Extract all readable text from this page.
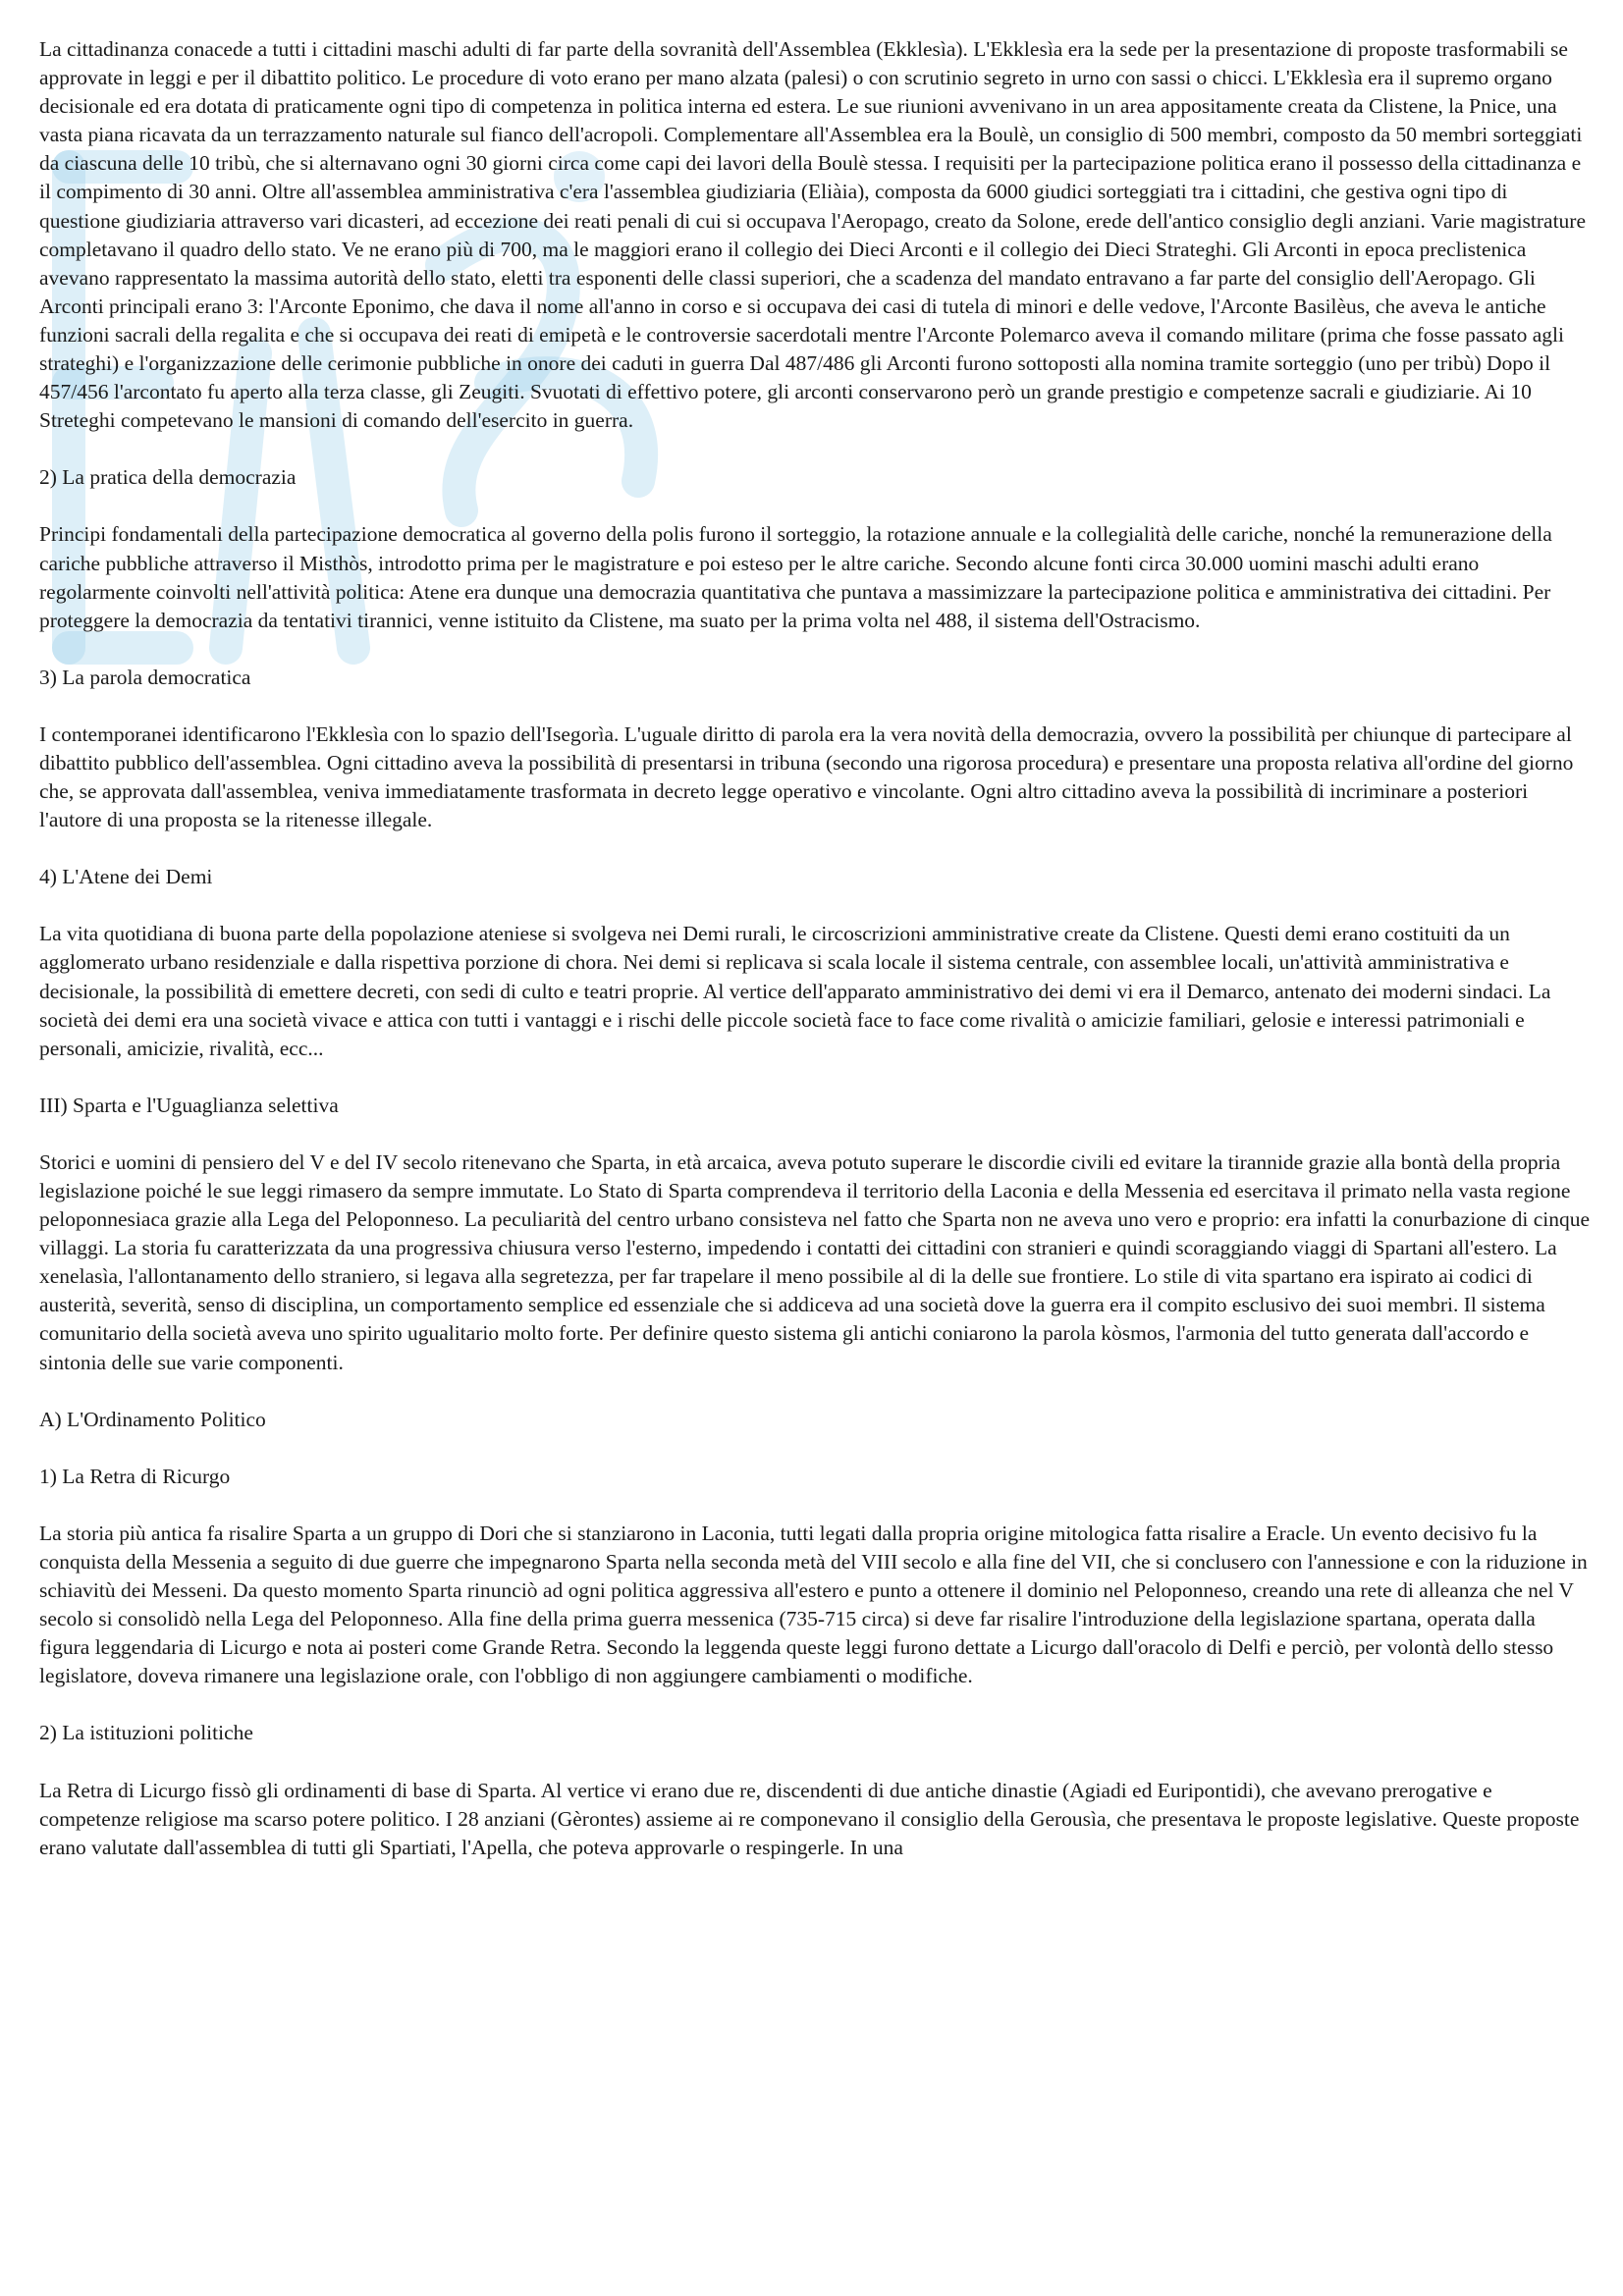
La cittadinanza conacede a tutti i cittadini maschi adulti di far parte della sovranità dell'Assemblea (Ekklesìa). L'Ekklesìa era la sede per la presentazione di proposte trasformabili se approvate in leggi e per il dibattito politico. Le procedure di voto erano per mano alzata (palesi) o con scrutinio segreto in urno con sassi o chicci. L'Ekklesìa era il supremo organo decisionale ed era dotata di praticamente ogni tipo di competenza in politica interna ed estera. Le sue riunioni avvenivano in un area appositamente creata da Clistene, la Pnice, una vasta piana ricavata da un terrazzamento naturale sul fianco dell'acropoli. Complementare all'Assemblea era la Boulè, un consiglio di 500 membri, composto da 50 membri sorteggiati da ciascuna delle 10 tribù, che si alternavano ogni 30 giorni circa come capi dei lavori della Boulè stessa. I requisiti per la partecipazione politica erano il possesso della cittadinanza e il compimento di 30 anni. Oltre all'assemblea amministrativa c'era l'assemblea giudiziaria (Eliàia), composta da 6000 giudici sorteggiati tra i cittadini, che gestiva ogni tipo di questione giudiziaria attraverso vari dicasteri, ad eccezione dei reati penali di cui si occupava l'Aeropago, creato da Solone, erede dell'antico consiglio degli anziani. Varie magistrature completavano il quadro dello stato. Ve ne erano più di 700, ma le maggiori erano il collegio dei Dieci Arconti e il collegio dei Dieci Strateghi. Gli Arconti in epoca preclistenica avevano rappresentato la massima autorità dello stato, eletti tra esponenti delle classi superiori, che a scadenza del mandato entravano a far parte del consiglio dell'Aeropago. Gli Arconti principali erano 3: l'Arconte Eponimo, che dava il nome all'anno in corso e si occupava dei casi di tutela di minori e delle vedove, l'Arconte Basilèus, che aveva le antiche funzioni sacrali della regalita e che si occupava dei reati di emipetà e le controversie sacerdotali mentre l'Arconte Polemarco aveva il comando militare (prima che fosse passato agli strateghi) e l'organizzazione delle cerimonie pubbliche in onore dei caduti in guerra Dal 487/486 gli Arconti furono sottoposti alla nomina tramite sorteggio (uno per tribù) Dopo il 457/456 l'arcontato fu aperto alla terza classe, gli Zeugiti. Svuotati di effettivo potere, gli arconti conservarono però un grande prestigio e competenze sacrali e giudiziarie. Ai 10 Streteghi competevano le mansioni di comando dell'esercito in guerra.

2) La pratica della democrazia

Principi fondamentali della partecipazione democratica al governo della polis furono il sorteggio, la rotazione annuale e la collegialità delle cariche, nonché la remunerazione della cariche pubbliche attraverso il Misthòs, introdotto prima per le magistrature e poi esteso per le altre cariche. Secondo alcune fonti circa 30.000 uomini maschi adulti erano regolarmente coinvolti nell'attività politica: Atene era dunque una democrazia quantitativa che puntava a massimizzare la partecipazione politica e amministrativa dei cittadini. Per proteggere la democrazia da tentativi tirannici, venne istituito da Clistene, ma suato per la prima volta nel 488, il sistema dell'Ostracismo.

3) La parola democratica

I contemporanei identificarono l'Ekklesìa con lo spazio dell'Isegorìa. L'uguale diritto di parola era la vera novità della democrazia, ovvero la possibilità per chiunque di partecipare al dibattito pubblico dell'assemblea. Ogni cittadino aveva la possibilità di presentarsi in tribuna (secondo una rigorosa procedura) e presentare una proposta relativa all'ordine del giorno che, se approvata dall'assemblea, veniva immediatamente trasformata in decreto legge operativo e vincolante. Ogni altro cittadino aveva la possibilità di incriminare a posteriori l'autore di una proposta se la ritenesse illegale.

4) L'Atene dei Demi

La vita quotidiana di buona parte della popolazione ateniese si svolgeva nei Demi rurali, le circoscrizioni amministrative create da Clistene. Questi demi erano costituiti da un agglomerato urbano residenziale e dalla rispettiva porzione di chora. Nei demi si replicava si scala locale il sistema centrale, con assemblee locali, un'attività amministrativa e decisionale, la possibilità di emettere decreti, con sedi di culto e teatri proprie. Al vertice dell'apparato amministrativo dei demi vi era il Demarco, antenato dei moderni sindaci. La società dei demi era una società vivace e attica con tutti i vantaggi e i rischi delle piccole società face to face come rivalità o amicizie familiari, gelosie e interessi patrimoniali e personali, amicizie, rivalità, ecc...

III) Sparta e l'Uguaglianza selettiva

Storici e uomini di pensiero del V e del IV secolo ritenevano che Sparta, in età arcaica, aveva potuto superare le discordie civili ed evitare la tirannide grazie alla bontà della propria legislazione poiché le sue leggi rimasero da sempre immutate. Lo Stato di Sparta comprendeva il territorio della Laconia e della Messenia ed esercitava il primato nella vasta regione peloponnesiaca grazie alla Lega del Peloponneso. La peculiarità del centro urbano consisteva nel fatto che Sparta non ne aveva uno vero e proprio: era infatti la conurbazione di cinque villaggi. La storia fu caratterizzata da una progressiva chiusura verso l'esterno, impedendo i contatti dei cittadini con stranieri e quindi scoraggiando viaggi di Spartani all'estero. La xenelasìa, l'allontanamento dello straniero, si legava alla segretezza, per far trapelare il meno possibile al di la delle sue frontiere. Lo stile di vita spartano era ispirato ai codici di austerità, severità, senso di disciplina, un comportamento semplice ed essenziale che si addiceva ad una società dove la guerra era il compito esclusivo dei suoi membri. Il sistema comunitario della società aveva uno spirito ugualitario molto forte. Per definire questo sistema gli antichi coniarono la parola kòsmos, l'armonia del tutto generata dall'accordo e sintonia delle sue varie componenti.

A) L'Ordinamento Politico
1) La Retra di Ricurgo

La storia più antica fa risalire Sparta a un gruppo di Dori che si stanziarono in Laconia, tutti legati dalla propria origine mitologica fatta risalire a Eracle. Un evento decisivo fu la conquista della Messenia a seguito di due guerre che impegnarono Sparta nella seconda metà del VIII secolo e alla fine del VII, che si conclusero con l'annessione e con la riduzione in schiavitù dei Messeni. Da questo momento Sparta rinunciò ad ogni politica aggressiva all'estero e punto a ottenere il dominio nel Peloponneso, creando una rete di alleanza che nel V secolo si consolidò nella Lega del Peloponneso. Alla fine della prima guerra messenica (735-715 circa) si deve far risalire l'introduzione della legislazione spartana, operata dalla figura leggendaria di Licurgo e nota ai posteri come Grande Retra. Secondo la leggenda queste leggi furono dettate a Licurgo dall'oracolo di Delfi e perciò, per volontà dello stesso legislatore, doveva rimanere una legislazione orale, con l'obbligo di non aggiungere cambiamenti o modifiche.

2) La istituzioni politiche

La Retra di Licurgo fissò gli ordinamenti di base di Sparta. Al vertice vi erano due re, discendenti di due antiche dinastie (Agiadi ed Euripontidi), che avevano prerogative e competenze religiose ma scarso potere politico. I 28 anziani (Gèrontes) assieme ai re componevano il consiglio della Gerousìa, che presentava le proposte legislative. Queste proposte erano valutate dall'assemblea di tutti gli Spartiati, l'Apella, che poteva approvarle o respingerle. In una
